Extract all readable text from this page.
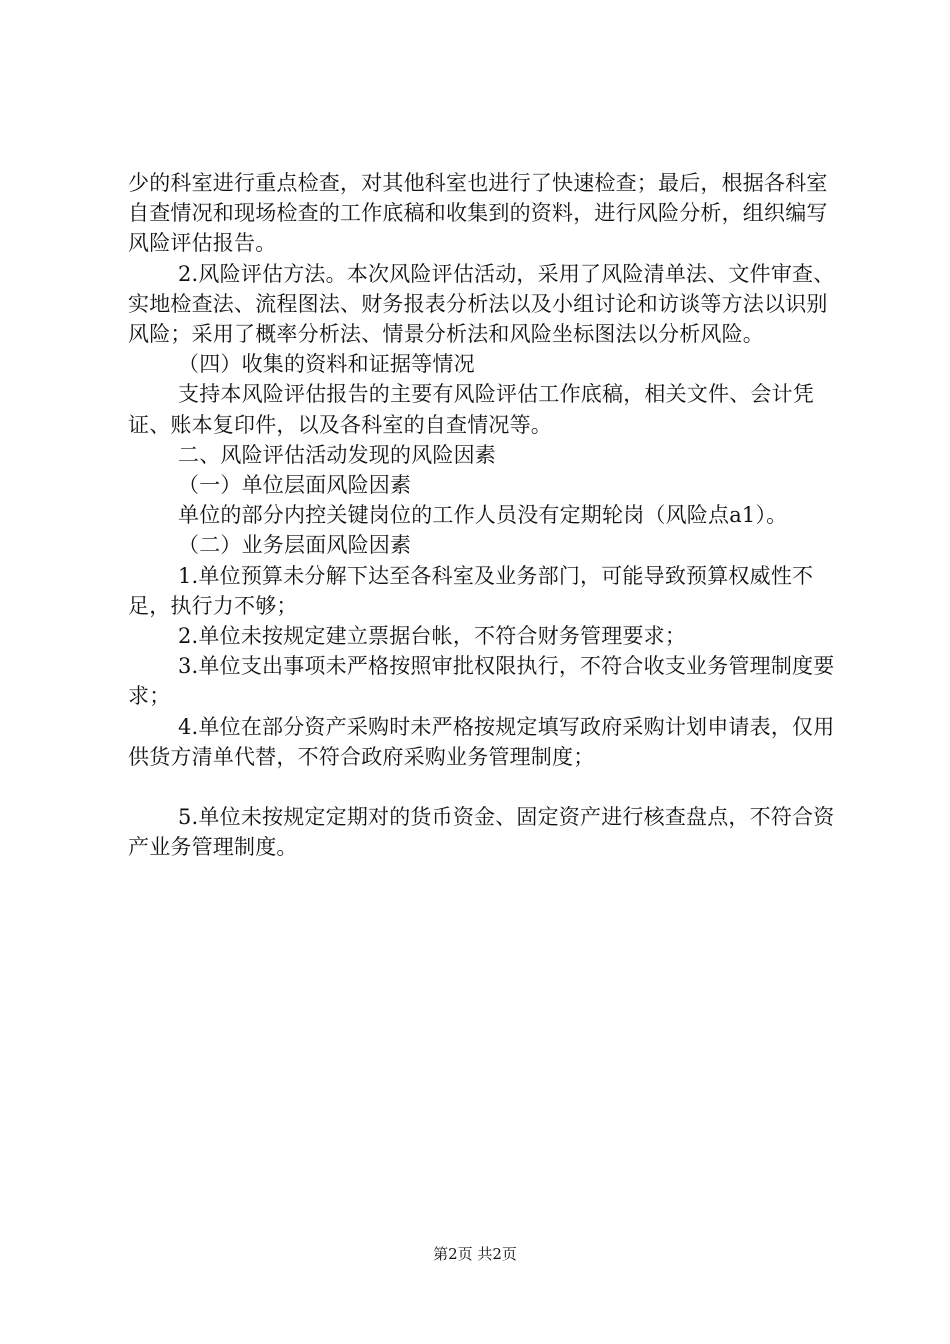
少的科室进行重点检查，对其他科室也进行了快速检查；最后，根据各科室自查情况和现场检查的工作底稿和收集到的资料，进行风险分析，组织编写风险评估报告。

2.风险评估方法。本次风险评估活动，采用了风险清单法、文件审查、实地检查法、流程图法、财务报表分析法以及小组讨论和访谈等方法以识别风险；采用了概率分析法、情景分析法和风险坐标图法以分析风险。

（四）收集的资料和证据等情况

支持本风险评估报告的主要有风险评估工作底稿，相关文件、会计凭证、账本复印件，以及各科室的自查情况等。

二、风险评估活动发现的风险因素

（一）单位层面风险因素

单位的部分内控关键岗位的工作人员没有定期轮岗（风险点a1）。

（二）业务层面风险因素

1.单位预算未分解下达至各科室及业务部门，可能导致预算权威性不足，执行力不够；

2.单位未按规定建立票据台帐，不符合财务管理要求；

3.单位支出事项未严格按照审批权限执行，不符合收支业务管理制度要求；

4.单位在部分资产采购时未严格按规定填写政府采购计划申请表，仅用供货方清单代替，不符合政府采购业务管理制度；

5.单位未按规定定期对的货币资金、固定资产进行核查盘点，不符合资产业务管理制度。

第2页 共2页
